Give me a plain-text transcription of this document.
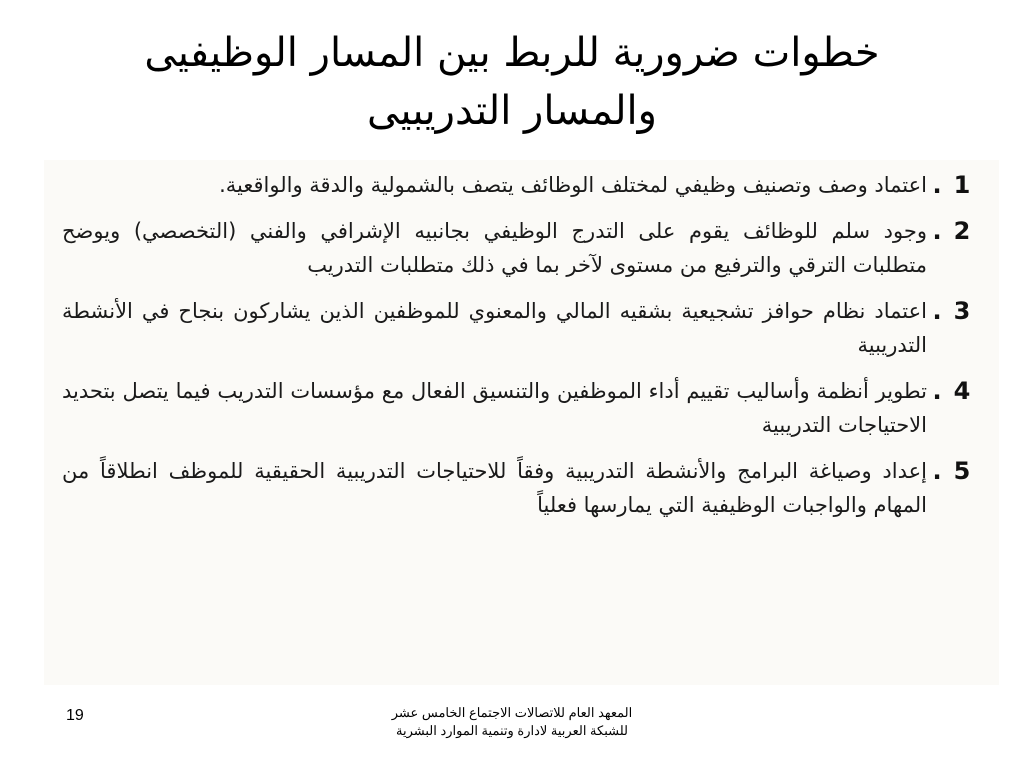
خطوات ضرورية للربط بين المسار الوظيفيى
والمسار التدريبيى
1
.
اعتماد وصف وتصنيف وظيفي لمختلف الوظائف يتصف بالشمولية والدقة والواقعية.
2
.
وجود سلم للوظائف يقوم على التدرج الوظيفي بجانبيه الإشرافي والفني (التخصصي) ويوضح متطلبات الترقي والترفيع من مستوى لآخر بما في ذلك متطلبات التدريب
3
.
اعتماد نظام حوافز تشجيعية بشقيه المالي والمعنوي للموظفين الذين يشاركون بنجاح في الأنشطة التدريبية
4
.
تطوير أنظمة وأساليب تقييم أداء الموظفين والتنسيق الفعال مع مؤسسات التدريب فيما يتصل بتحديد الاحتياجات التدريبية
5
.
إعداد وصياغة البرامج والأنشطة التدريبية وفقاً للاحتياجات التدريبية الحقيقية للموظف انطلاقاً من المهام والواجبات الوظيفية التي يمارسها فعلياً
19	المعهد العام للاتصالات الاجتماع الخامس عشر
للشبكة العربية لادارة وتنمية الموارد البشرية
